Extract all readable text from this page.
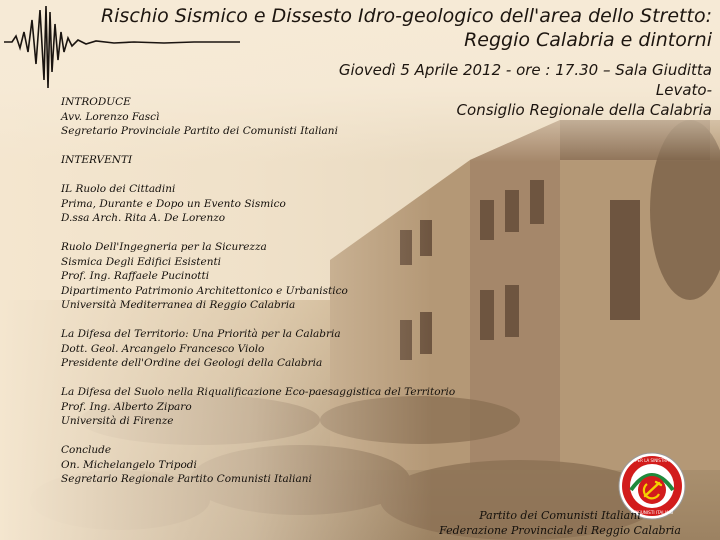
Rischio Sismico e Dissesto Idro-geologico dell'area dello Stretto: Reggio Calabria e dintorni
Giovedì 5 Aprile 2012 - ore : 17.30 – Sala Giuditta Levato-
Consiglio Regionale della Calabria
INTRODUCE
Avv. Lorenzo Fascì
Segretario Provinciale Partito dei Comunisti Italiani
INTERVENTI
IL Ruolo dei Cittadini
Prima, Durante e Dopo un Evento Sismico
D.ssa Arch. Rita A. De Lorenzo
Ruolo Dell'Ingegneria per la Sicurezza
Sismica Degli Edifici Esistenti
Prof. Ing. Raffaele Pucinotti
Dipartimento Patrimonio Architettonico e Urbanistico
Università Mediterranea di Reggio Calabria
La Difesa del Territorio: Una Priorità per la Calabria
Dott. Geol. Arcangelo Francesco Violo
Presidente dell'Ordine dei Geologi della Calabria
La Difesa del Suolo nella Riqualificazione Eco-paesaggistica del Territorio
Prof. Ing. Alberto Ziparo
Università di Firenze
Conclude
On. Michelangelo Tripodi
Segretario Regionale Partito Comunisti Italiani
PER LA SINISTRA
COMUNISTI ITALIANI
Partito dei Comunisti Italiani
Federazione Provinciale di Reggio Calabria
